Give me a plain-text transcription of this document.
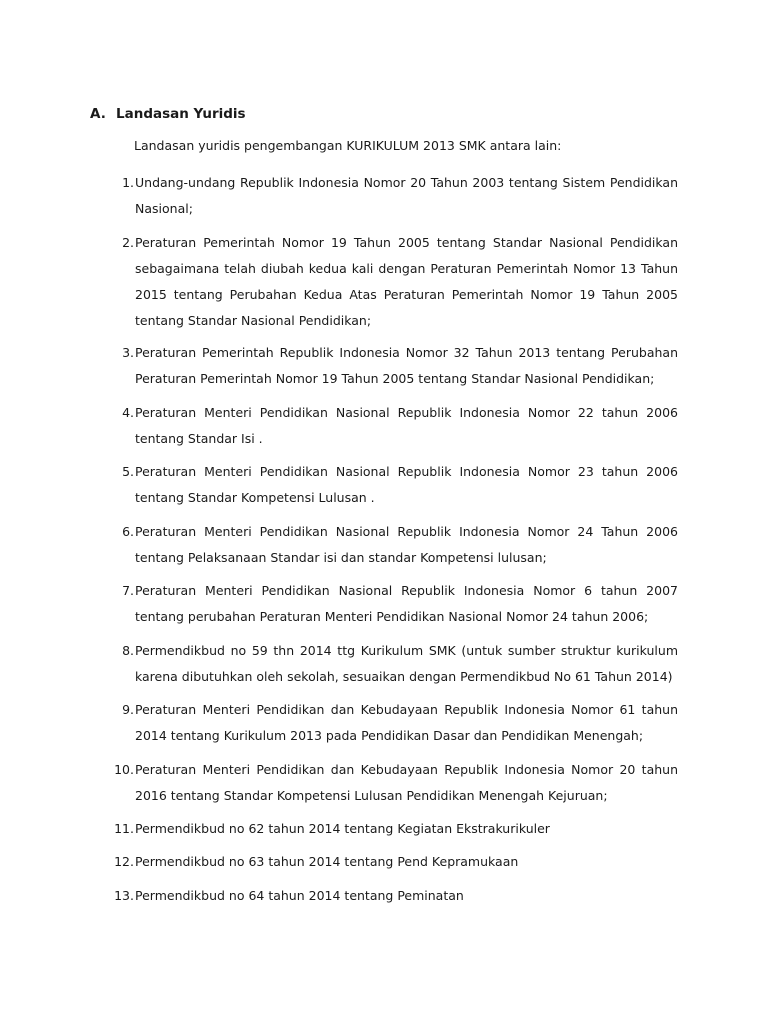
A. Landasan Yuridis
Landasan yuridis pengembangan KURIKULUM 2013 SMK antara lain:
1. Undang-undang Republik Indonesia Nomor 20 Tahun 2003 tentang Sistem Pendidikan Nasional;
2. Peraturan Pemerintah Nomor 19 Tahun 2005 tentang Standar Nasional Pendidikan sebagaimana telah diubah kedua kali dengan Peraturan Pemerintah Nomor 13 Tahun 2015 tentang Perubahan Kedua Atas Peraturan Pemerintah Nomor 19 Tahun 2005 tentang Standar Nasional Pendidikan;
3. Peraturan Pemerintah Republik Indonesia Nomor 32 Tahun 2013 tentang Perubahan Peraturan Pemerintah Nomor 19 Tahun 2005 tentang Standar Nasional Pendidikan;
4. Peraturan Menteri Pendidikan Nasional Republik Indonesia Nomor 22 tahun 2006 tentang Standar Isi .
5. Peraturan Menteri Pendidikan Nasional Republik Indonesia Nomor 23 tahun 2006 tentang Standar Kompetensi Lulusan .
6. Peraturan Menteri Pendidikan Nasional Republik Indonesia Nomor 24 Tahun 2006 tentang Pelaksanaan Standar isi dan standar Kompetensi lulusan;
7. Peraturan Menteri Pendidikan Nasional Republik Indonesia Nomor 6 tahun 2007 tentang perubahan Peraturan Menteri Pendidikan Nasional Nomor 24 tahun 2006;
8. Permendikbud no 59 thn 2014 ttg Kurikulum SMK (untuk sumber struktur kurikulum karena dibutuhkan oleh sekolah, sesuaikan dengan Permendikbud No 61 Tahun 2014)
9. Peraturan Menteri Pendidikan dan Kebudayaan Republik Indonesia Nomor 61 tahun 2014 tentang Kurikulum 2013 pada Pendidikan Dasar dan Pendidikan Menengah;
10. Peraturan Menteri Pendidikan dan Kebudayaan Republik Indonesia Nomor 20 tahun 2016 tentang Standar Kompetensi Lulusan Pendidikan Menengah Kejuruan;
11. Permendikbud no 62 tahun 2014 tentang Kegiatan Ekstrakurikuler
12. Permendikbud no 63 tahun 2014 tentang Pend Kepramukaan
13. Permendikbud no 64 tahun 2014 tentang Peminatan
